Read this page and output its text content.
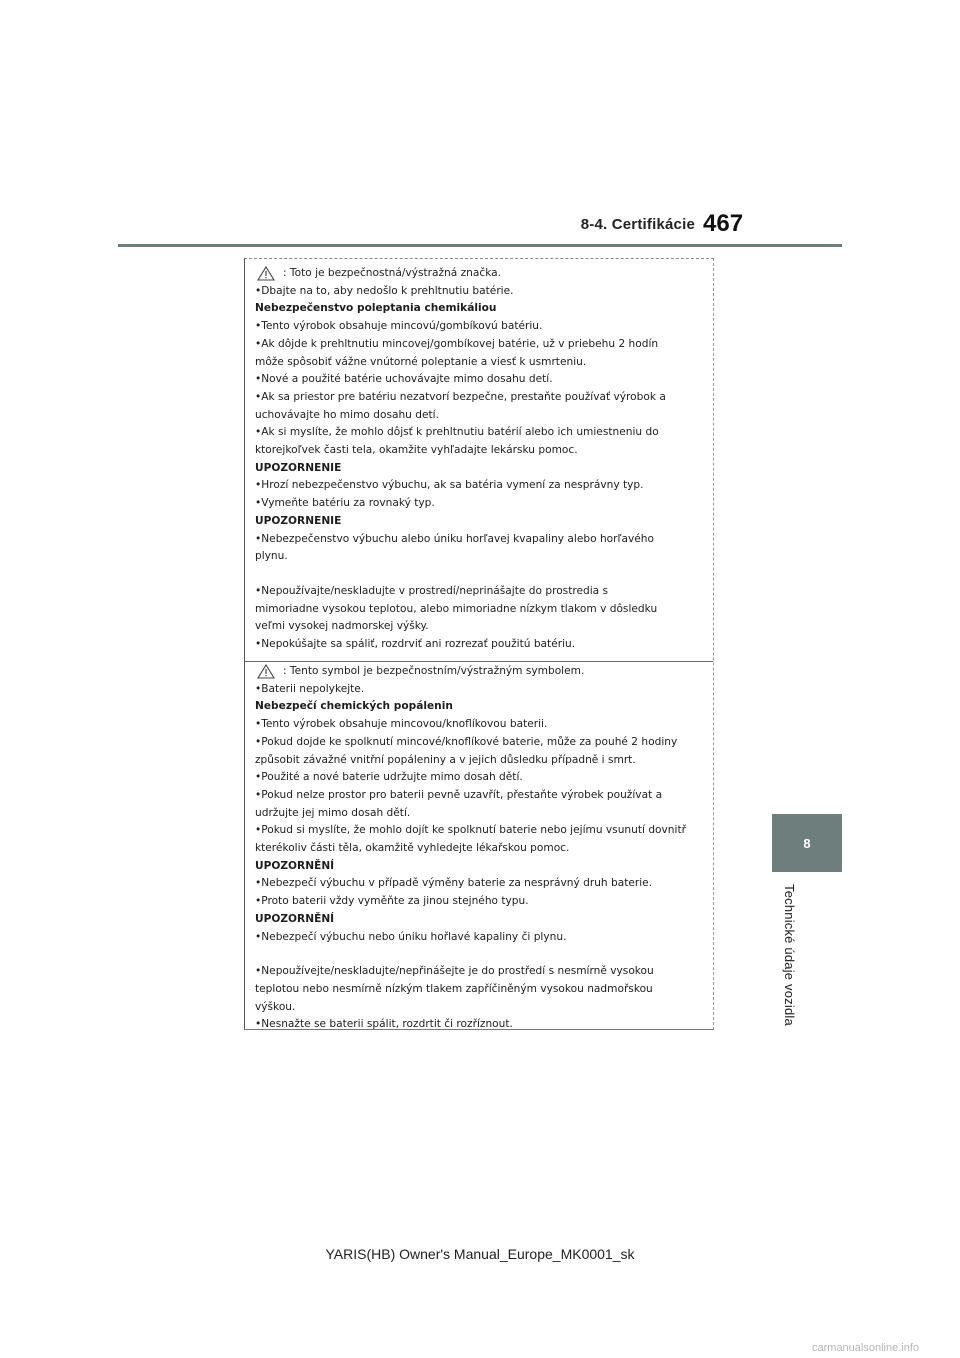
8-4. Certifikácie 467
8
Technické údaje vozidla
: Toto je bezpečnostná/výstražná značka.
•Dbajte na to, aby nedošlo k prehltnutiu batérie.
Nebezpečenstvo poleptania chemikáliou
•Tento výrobok obsahuje mincovú/gombíkovú batériu.
•Ak dôjde k prehltnutiu mincovej/gombíkovej batérie, už v priebehu 2 hodín
môže spôsobiť vážne vnútorné poleptanie a viesť k usmrteniu.
•Nové a použité batérie uchovávajte mimo dosahu detí.
•Ak sa priestor pre batériu nezatvorí bezpečne, prestaňte používať výrobok a
uchovávajte ho mimo dosahu detí.
•Ak si myslíte, že mohlo dôjsť k prehltnutiu batérií alebo ich umiestneniu do
ktorejkoľvek časti tela, okamžite vyhľadajte lekársku pomoc.
UPOZORNENIE
•Hrozí nebezpečenstvo výbuchu, ak sa batéria vymení za nesprávny typ.
•Vymeňte batériu za rovnaký typ.
UPOZORNENIE
•Nebezpečenstvo výbuchu alebo úniku horľavej kvapaliny alebo horľavého
plynu.
•Nepoužívajte/neskladujte v prostredí/neprinášajte do prostredia s
mimoriadne vysokou teplotou, alebo mimoriadne nízkym tlakom v dôsledku
veľmi vysokej nadmorskej výšky.
•Nepokúšajte sa spáliť, rozdrviť ani rozrezať použitú batériu.
: Tento symbol je bezpečnostním/výstražným symbolem.
•Baterii nepolykejte.
Nebezpečí chemických popálenin
•Tento výrobek obsahuje mincovou/knoflíkovou baterii.
•Pokud dojde ke spolknutí mincové/knoflíkové baterie, může za pouhé 2 hodiny
způsobit závažné vnitřní popáleniny a v jejich důsledku případně i smrt.
•Použité a nové baterie udržujte mimo dosah dětí.
•Pokud nelze prostor pro baterii pevně uzavřít, přestaňte výrobek používat a
udržujte jej mimo dosah dětí.
•Pokud si myslíte, že mohlo dojít ke spolknutí baterie nebo jejímu vsunutí dovnitř
kterékoliv části těla, okamžitě vyhledejte lékařskou pomoc.
UPOZORNĚNÍ
•Nebezpečí výbuchu v případě výměny baterie za nesprávný druh baterie.
•Proto baterii vždy vyměňte za jinou stejného typu.
UPOZORNĚNÍ
•Nebezpečí výbuchu nebo úniku hořlavé kapaliny či plynu.
•Nepoužívejte/neskladujte/nepřinášejte je do prostředí s nesmírně vysokou
teplotou nebo nesmírně nízkým tlakem zapříčiněným vysokou nadmořskou
výškou.
•Nesnažte se baterii spálit, rozdrtit či rozříznout.
YARIS(HB) Owner's Manual_Europe_MK0001_sk
carmanualsonline.info
